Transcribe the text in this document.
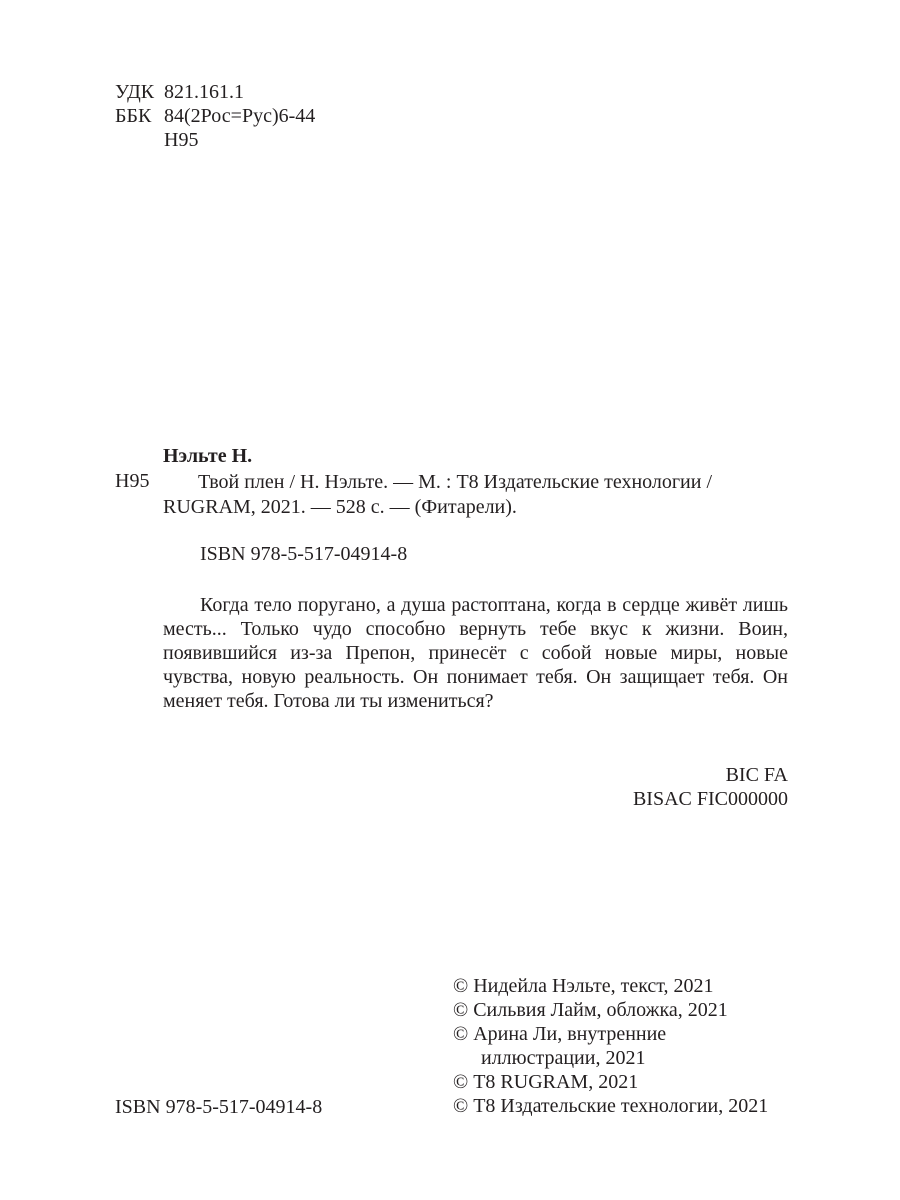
УДК 821.161.1
ББК 84(2Рос=Рус)6-44
Н95
Нэльте Н.
Н95	Твой плен / Н. Нэльте. — М. : Т8 Издательские технологии /
RUGRAM, 2021. — 528 с. — (Фитарели).
ISBN 978-5-517-04914-8
Когда тело поругано, а душа растоптана, когда в сердце живёт лишь месть... Только чудо способно вернуть тебе вкус к жизни. Воин, появившийся из-за Препон, принесёт с собой новые миры, новые чувства, новую реальность. Он понимает тебя. Он защищает тебя. Он меняет тебя. Готова ли ты измениться?
BIC FA
BISAC FIC000000
© Нидейла Нэльте, текст, 2021
© Сильвия Лайм, обложка, 2021
© Арина Ли, внутренние
иллюстрации, 2021
© Т8 RUGRAM, 2021
© Т8 Издательские технологии, 2021
ISBN 978-5-517-04914-8
